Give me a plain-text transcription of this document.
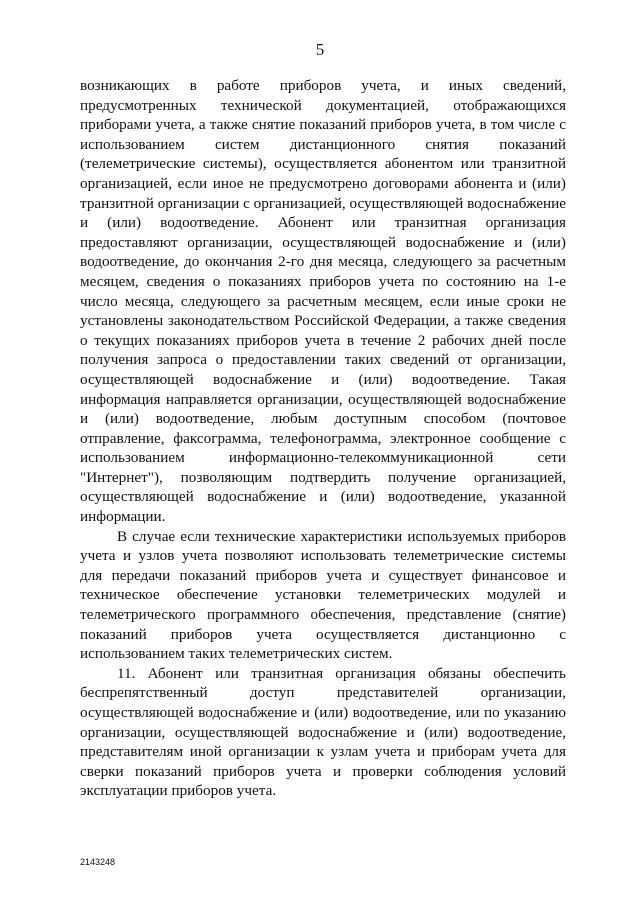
5

возникающих в работе приборов учета, и иных сведений, предусмотренных технической документацией, отображающихся приборами учета, а также снятие показаний приборов учета, в том числе с использованием систем дистанционного снятия показаний (телеметрические системы), осуществляется абонентом или транзитной организацией, если иное не предусмотрено договорами абонента и (или) транзитной организации с организацией, осуществляющей водоснабжение и (или) водоотведение. Абонент или транзитная организация предоставляют организации, осуществляющей водоснабжение и (или) водоотведение, до окончания 2-го дня месяца, следующего за расчетным месяцем, сведения о показаниях приборов учета по состоянию на 1-е число месяца, следующего за расчетным месяцем, если иные сроки не установлены законодательством Российской Федерации, а также сведения о текущих показаниях приборов учета в течение 2 рабочих дней после получения запроса о предоставлении таких сведений от организации, осуществляющей водоснабжение и (или) водоотведение. Такая информация направляется организации, осуществляющей водоснабжение и (или) водоотведение, любым доступным способом (почтовое отправление, факсограмма, телефонограмма, электронное сообщение с использованием информационно-телекоммуникационной сети "Интернет"), позволяющим подтвердить получение организацией, осуществляющей водоснабжение и (или) водоотведение, указанной информации.

В случае если технические характеристики используемых приборов учета и узлов учета позволяют использовать телеметрические системы для передачи показаний приборов учета и существует финансовое и техническое обеспечение установки телеметрических модулей и телеметрического программного обеспечения, представление (снятие) показаний приборов учета осуществляется дистанционно с использованием таких телеметрических систем.

11. Абонент или транзитная организация обязаны обеспечить беспрепятственный доступ представителей организации, осуществляющей водоснабжение и (или) водоотведение, или по указанию организации, осуществляющей водоснабжение и (или) водоотведение, представителям иной организации к узлам учета и приборам учета для сверки показаний приборов учета и проверки соблюдения условий эксплуатации приборов учета.

2143248
